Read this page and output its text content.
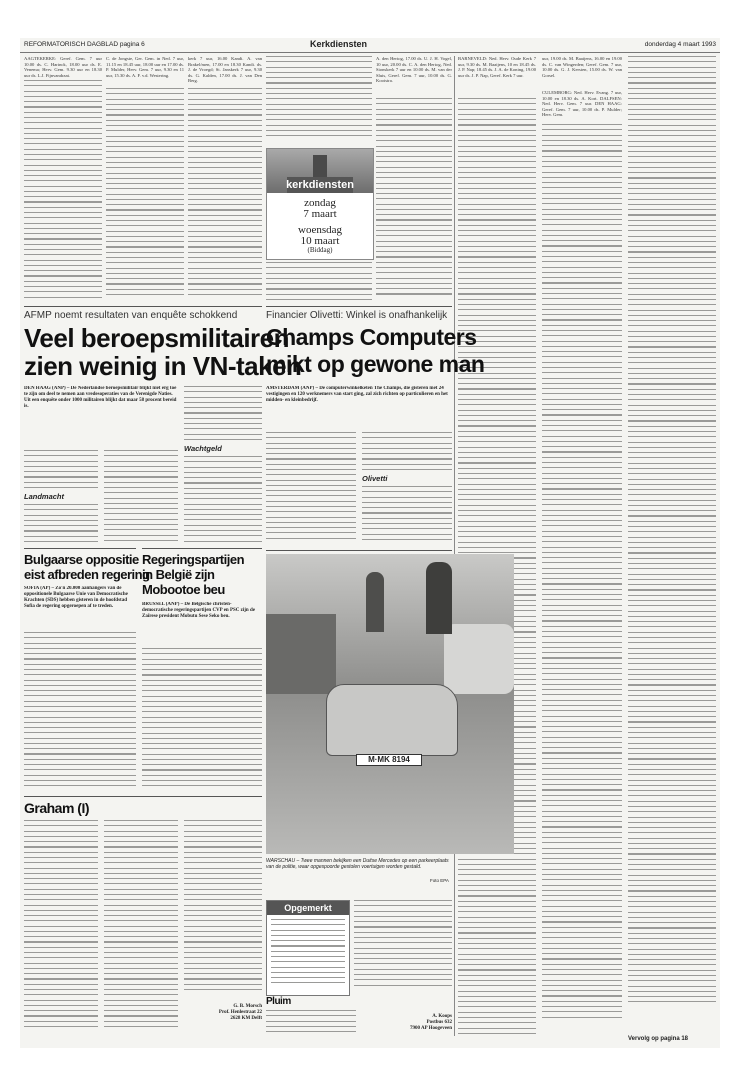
REFORMATORISCH DAGBLAD pagina 6	Kerkdiensten	donderdag 4 maart 1993
AAGTEKERKE: Geref. Gem. 7 uur 10.00 ds. C. Harinck, 18.00 uur ds. E. Venema; Herv. Gem. 9.30 uur en 18.30 uur ds. L.J. Fijnvandraat.
C. de Jongste, Ger. Gem. in Ned. 7 uur, 11.15 en 18.45 uur, 18.00 uur en 17.00 ds. P. Mulder, Herv. Gem. 7 uur, 9.30 en 11 uur, 15.30 ds. A. F. v.d. Westering.
kerk 7 uur, 16.00 Kandi. A. van Brakel/men, 17.00 en 18.30 Kandi. ds. J. de Vroegd; St. Janskerk 7 uur, 9.30 ds. G. Kalden, 17.00 ds. J. van Den Berg.
kerkdiensten
zondag
7 maart
woensdag
10 maart
(Biddag)
A. den Hertog, 17.00 ds. U. J. H. Vogel, 10 uur, 20.00 ds. C. A. den Hertog, Ned. Sionskerk 7 uur en 10.00 ds. M. van der Sluis, Geref. Gem. 7 uur, 10.00 ds. G. Kooistra.
BARNEVELD: Ned. Herv. Oude Kerk 7 uur, 9.30 ds. M. Baaijens, 10 en 18.45 ds. J. P. Nap; 18.45 ds. J. A. de Koning, 19.00 uur ds. J. P. Nap, Geref. Kerk 7 uur.
uur, 19.00 ds. M. Baaijens, 16.00 en 19.00 ds. C. van Wingerden; Geref. Gem. 7 uur, 10.00 ds. G. J. Kersten, 15.00 ds. W. van Gorsel.
CULEMBORG: Ned. Herv. Evang. 7 uur, 10.00 en 18.30 ds. A. Kort. DALFSEN: Ned. Herv. Gem. 7 uur. DEN HAAG: Geref. Gem. 7 uur, 10.00 ds. P. Mulder; Herv. Gem.
AFMP noemt resultaten van enquête schokkend
Veel beroepsmilitairen
zien weinig in VN-taken
DEN HAAG (ANP) – De Nederlandse beroepsmilitair blijkt niet erg toe te zijn om deel te nemen aan vredesoperaties van de Verenigde Naties. Uit een enquête onder 1000 militairen blijkt dat maar 58 procent bereid is.
Landmacht
Wachtgeld
Financier Olivetti: Winkel is onafhankelijk
Champs Computers
mikt op gewone man
AMSTERDAM (ANP) – De computerwinkelketen The Champs, die gisteren met 24 vestigingen en 120 werknemers van start ging, zal zich richten op particulieren en het midden- en kleinbedrijf.
Olivetti
Bulgaarse oppositie
eist afbreden regering
SOFIA (AP) – Zo'n 20.000 aanhangers van de oppositionele Bulgaarse Unie van Democratische Krachten (SDS) hebben gisteren in de hoofdstad Sofia de regering opgeroepen af te treden.
Regeringspartijen
in België zijn
Mobootoe beu
BRUSSEL (ANP) – De Belgische christen-democratische regeringspartijen CVP en PSC zijn de Zaïrese president Mobutu Sese Seko beu.
M·MK 8194
WARSCHAU – Twee mannen bekijken een Duitse Mercedes op een parkeerplaats van de politie, waar opgespoorde gestolen voertuigen worden gestald.
Foto EPA
Graham (I)
G. B. Morsch
Prof. Henlestraat 22
2628 KM Delft
Opgemerkt
Pluim
A. Koops
Postbus 632
7900 AP Hoogeveen
Vervolg op pagina 18
